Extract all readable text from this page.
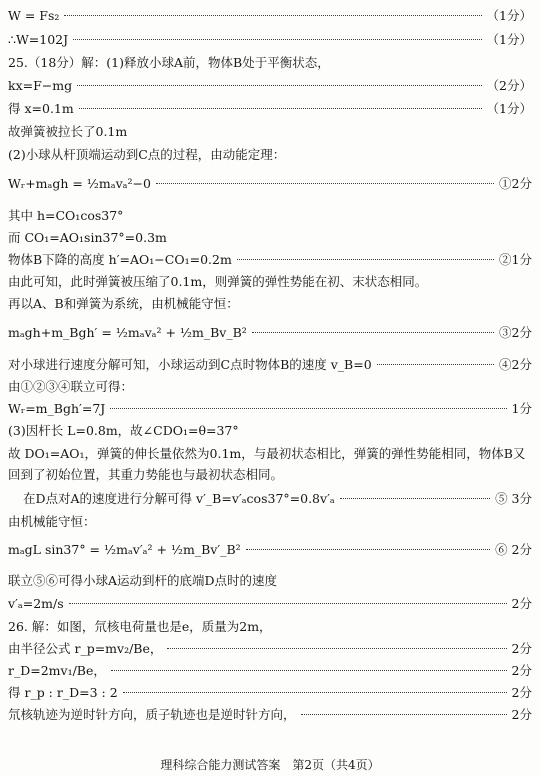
W = Fs₂	（1分）
∴W=102J	（1分）
25.（18分）解：(1)释放小球A前，物体B处于平衡状态，
kx=F−mg	（2分）
得 x=0.1m	（1分）
故弹簧被拉长了0.1m
(2)小球从杆顶端运动到C点的过程，由动能定理：
Wᵣ+mₐgh = ½mₐvₐ²−0	①2分
其中 h=CO₁cos37°
而 CO₁=AO₁sin37°=0.3m
物体B下降的高度 h′=AO₁−CO₁=0.2m	②1分
由此可知，此时弹簧被压缩了0.1m，则弹簧的弹性势能在初、末状态相同。
再以A、B和弹簧为系统，由机械能守恒：
mₐgh+m_Bgh′ = ½mₐvₐ² + ½m_Bv_B²	③2分
对小球进行速度分解可知，小球运动到C点时物体B的速度 v_B=0	④2分
由①②③④联立可得：
Wᵣ=m_Bgh′=7J	1分
(3)因杆长 L=0.8m，故∠CDO₁=θ=37°
故 DO₁=AO₁，弹簧的伸长量依然为0.1m，与最初状态相比，弹簧的弹性势能相同，物体B又回到了初始位置，其重力势能也与最初状态相同。
在D点对A的速度进行分解可得 v′_B=v′ₐcos37°=0.8v′ₐ	⑤ 3分
由机械能守恒：
mₐgL sin37° = ½mₐv′ₐ² + ½m_Bv′_B²	⑥ 2分
联立⑤⑥可得小球A运动到杆的底端D点时的速度
v′ₐ=2m/s	2分
26. 解：如图，氘核电荷量也是e，质量为2m，
由半径公式 r_p=mv₂/Be，	2分
r_D=2mv₁/Be，	2分
得 r_p : r_D=3 : 2	2分
氘核轨迹为逆时针方向，质子轨迹也是逆时针方向，	2分
理科综合能力测试答案　第2页（共4页）
